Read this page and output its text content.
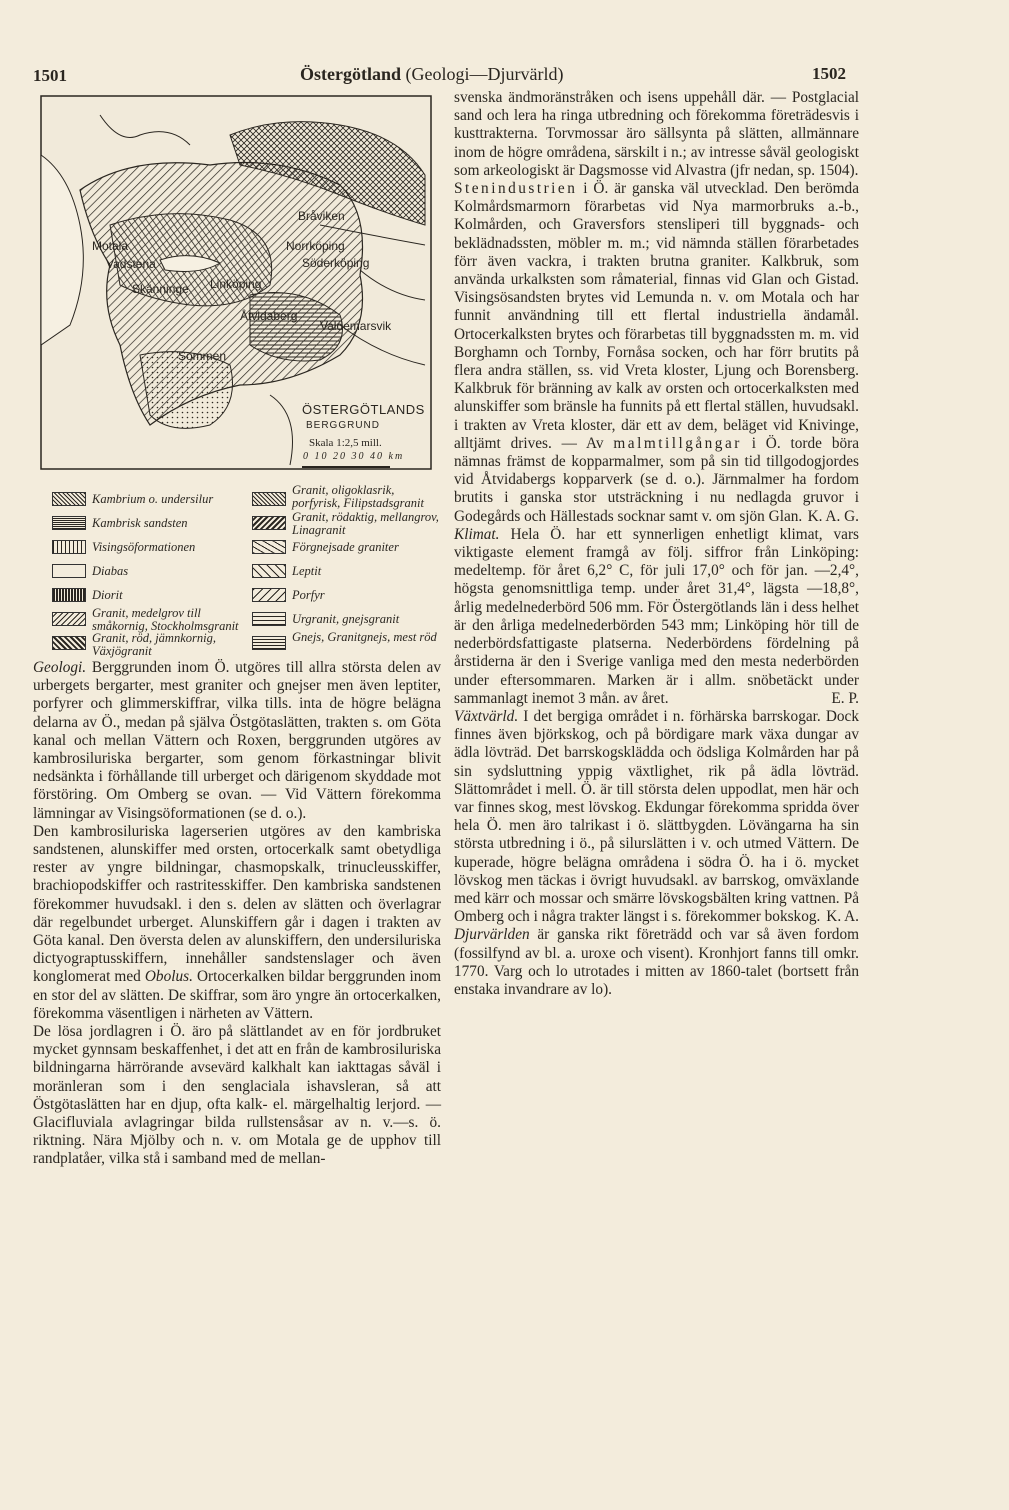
1501	Östergötland (Geologi—Djurvärld)	1502
Motala
Vadstena
Skänninge Linköping
Norrköping
Söderköping
Bråviken
Valdemarsvik
Åtvidaberg
Sommen
ÖSTERGÖTLANDS
BERGGRUND
Skala 1:2,5 mill.
0 10 20 30 40 km
Kambrium o. undersilur
Kambrisk sandsten
Visingsöformationen
Diabas
Diorit
Granit, medelgrov till småkornig, Stockholmsgranit
Granit, röd, jämnkornig, Växjögranit
Granit, oligoklasrik, porfyrisk, Filipstadsgranit
Granit, rödaktig, mellangrov, Linagranit
Förgnejsade graniter
Leptit
Porfyr
Urgranit, gnejsgranit
Gnejs, Granitgnejs, mest röd

Geologi. Berggrunden inom Ö. utgöres till allra största delen av urbergets bergarter, mest graniter och gnejser men även leptiter, porfyrer och glimmerskiffrar, vilka tills. inta de högre belägna delarna av Ö., medan på själva Östgötaslätten, trakten s. om Göta kanal och mellan Vättern och Roxen, berggrunden utgöres av kambrosiluriska bergarter, som genom förkastningar blivit nedsänkta i förhållande till urberget och därigenom skyddade mot förstöring. Om Omberg se ovan. — Vid Vättern förekomma lämningar av Visingsöformationen (se d. o.).

Den kambrosiluriska lagerserien utgöres av den kambriska sandstenen, alunskiffer med orsten, ortocerkalk samt obetydliga rester av yngre bildningar, chasmopskalk, trinucleusskiffer, brachiopodskiffer och rastritesskiffer. Den kambriska sandstenen förekommer huvudsakl. i den s. delen av slätten och överlagrar där regelbundet urberget. Alunskiffern går i dagen i trakten av Göta kanal. Den översta delen av alunskiffern, den undersiluriska dictyograptusskiffern, innehåller sandstenslager och även konglomerat med Obolus. Ortocerkalken bildar berggrunden inom en stor del av slätten. De skiffrar, som äro yngre än ortocerkalken, förekomma väsentligen i närheten av Vättern.

De lösa jordlagren i Ö. äro på slättlandet av en för jordbruket mycket gynnsam beskaffenhet, i det att en från de kambrosiluriska bildningarna härrörande avsevärd kalkhalt kan iakttagas såväl i moränleran som i den senglaciala ishavsleran, så att Östgötaslätten har en djup, ofta kalk- el. märgelhaltig lerjord. — Glacifluviala avlagringar bilda rullstensåsar av n. v.—s. ö. riktning. Nära Mjölby och n. v. om Motala ge de upphov till randplatåer, vilka stå i samband med de mellan-

svenska ändmoränstråken och isens uppehåll där. — Postglacial sand och lera ha ringa utbredning och förekomma företrädesvis i kusttrakterna. Torvmossar äro sällsynta på slätten, allmännare inom de högre områdena, särskilt i n.; av intresse såväl geologiskt som arkeologiskt är Dagsmosse vid Alvastra (jfr nedan, sp. 1504).

Stenindustrien i Ö. är ganska väl utvecklad. Den berömda Kolmårdsmarmorn förarbetas vid Nya marmorbruks a.-b., Kolmården, och Graversfors stensliperi till byggnads- och beklädnadssten, möbler m. m.; vid nämnda ställen förarbetades förr även vackra, i trakten brutna graniter. Kalkbruk, som använda urkalksten som råmaterial, finnas vid Glan och Gistad. Visingsösandsten brytes vid Lemunda n. v. om Motala och har funnit användning till ett flertal industriella ändamål. Ortocerkalksten brytes och förarbetas till byggnadssten m. m. vid Borghamn och Tornby, Fornåsa socken, och har förr brutits på flera andra ställen, ss. vid Vreta kloster, Ljung och Borensberg. Kalkbruk för bränning av kalk av orsten och ortocerkalksten med alunskiffer som bränsle ha funnits på ett flertal ställen, huvudsakl. i trakten av Vreta kloster, där ett av dem, beläget vid Knivinge, alltjämt drives. — Av malmtillgångar i Ö. torde böra nämnas främst de kopparmalmer, som på sin tid tillgodogjordes vid Åtvidabergs kopparverk (se d. o.). Järnmalmer ha fordom brutits i ganska stor utsträckning i nu nedlagda gruvor i Godegårds och Hällestads socknar samt v. om sjön Glan. K. A. G.

Klimat. Hela Ö. har ett synnerligen enhetligt klimat, vars viktigaste element framgå av följ. siffror från Linköping: medeltemp. för året 6,2° C, för juli 17,0° och för jan. —2,4°, högsta genomsnittliga temp. under året 31,4°, lägsta —18,8°, årlig medelnederbörd 506 mm. För Östergötlands län i dess helhet är den årliga medelnederbörden 543 mm; Linköping hör till de nederbördsfattigaste platserna. Nederbördens fördelning på årstiderna är den i Sverige vanliga med den mesta nederbörden under eftersommaren. Marken är i allm. snöbetäckt under sammanlagt inemot 3 mån. av året.	E. P.

Växtvärld. I det bergiga området i n. förhärska barrskogar. Dock finnes även björkskog, och på bördigare mark växa dungar av ädla lövträd. Det barrskogsklädda och ödsliga Kolmården har på sin sydsluttning yppig växtlighet, rik på ädla lövträd. Slättområdet i mell. Ö. är till största delen uppodlat, men här och var finnes skog, mest lövskog. Ekdungar förekomma spridda över hela Ö. men äro talrikast i ö. slättbygden. Lövängarna ha sin största utbredning i ö., på silurslätten i v. och utmed Vättern. De kuperade, högre belägna områdena i södra Ö. ha i ö. mycket lövskog men täckas i övrigt huvudsakl. av barrskog, omväxlande med kärr och mossar och smärre lövskogsbälten kring vattnen. På Omberg och i några trakter längst i s. förekommer bokskog. K. A.

Djurvärlden är ganska rikt företrädd och var så även fordom (fossilfynd av bl. a. uroxe och visent). Kronhjort fanns till omkr. 1770. Varg och lo utrotades i mitten av 1860-talet (bortsett från enstaka invandrare av lo).
